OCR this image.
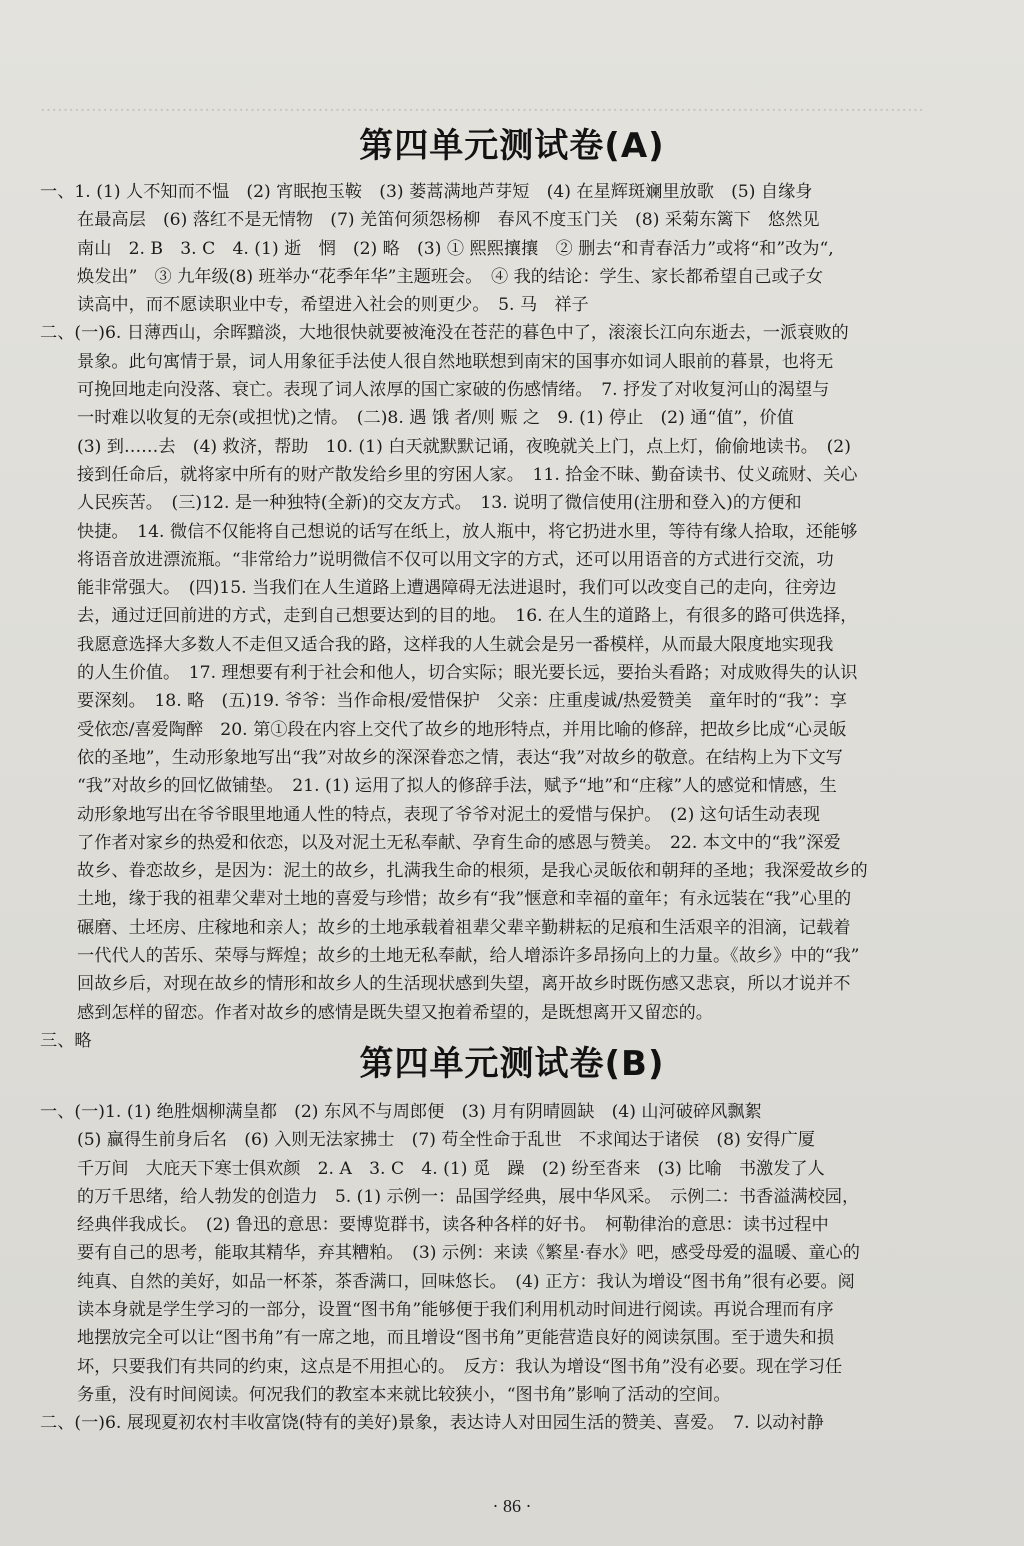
…………………………………………………………………………………………………………………………………………
第四单元测试卷(A)
一、1. (1) 人不知而不愠　(2) 宵眠抱玉鞍　(3) 蒌蒿满地芦芽短　(4) 在星辉斑斓里放歌　(5) 自缘身
在最高层　(6) 落红不是无情物　(7) 羌笛何须怨杨柳　春风不度玉门关　(8) 采菊东篱下　悠然见
南山　2. B　3. C　4. (1) 逝　惘　(2) 略　(3) ① 熙熙攘攘　② 删去“和青春活力”或将“和”改为“,
焕发出”　③ 九年级(8) 班举办“花季年华”主题班会。　④ 我的结论：学生、家长都希望自己或子女
读高中，而不愿读职业中专，希望进入社会的则更少。　5. 马　祥子
二、(一)6. 日薄西山，余晖黯淡，大地很快就要被淹没在苍茫的暮色中了，滚滚长江向东逝去，一派衰败的
景象。此句寓情于景，词人用象征手法使人很自然地联想到南宋的国事亦如词人眼前的暮景，也将无
可挽回地走向没落、衰亡。表现了词人浓厚的国亡家破的伤感情绪。　7. 抒发了对收复河山的渴望与
一时难以收复的无奈(或担忧)之情。　(二)8. 遇 饿 者/则 赈 之　9. (1) 停止　(2) 通“值”，价值
(3) 到……去　(4) 救济，帮助　10. (1) 白天就默默记诵，夜晚就关上门，点上灯，偷偷地读书。　(2)
接到任命后，就将家中所有的财产散发给乡里的穷困人家。　11. 拾金不昧、勤奋读书、仗义疏财、关心
人民疾苦。　(三)12. 是一种独特(全新)的交友方式。　13. 说明了微信使用(注册和登入)的方便和
快捷。　14. 微信不仅能将自己想说的话写在纸上，放人瓶中，将它扔进水里，等待有缘人拾取，还能够
将语音放进漂流瓶。“非常给力”说明微信不仅可以用文字的方式，还可以用语音的方式进行交流，功
能非常强大。　(四)15. 当我们在人生道路上遭遇障碍无法进退时，我们可以改变自己的走向，往旁边
去，通过迂回前进的方式，走到自己想要达到的目的地。　16. 在人生的道路上，有很多的路可供选择，
我愿意选择大多数人不走但又适合我的路，这样我的人生就会是另一番模样，从而最大限度地实现我
的人生价值。　17. 理想要有利于社会和他人，切合实际；眼光要长远，要抬头看路；对成败得失的认识
要深刻。　18. 略　(五)19. 爷爷：当作命根/爱惜保护　父亲：庄重虔诚/热爱赞美　童年时的“我”：享
受依恋/喜爱陶醉　20. 第①段在内容上交代了故乡的地形特点，并用比喻的修辞，把故乡比成“心灵皈
依的圣地”，生动形象地写出“我”对故乡的深深眷恋之情，表达“我”对故乡的敬意。在结构上为下文写
“我”对故乡的回忆做铺垫。　21. (1) 运用了拟人的修辞手法，赋予“地”和“庄稼”人的感觉和情感，生
动形象地写出在爷爷眼里地通人性的特点，表现了爷爷对泥土的爱惜与保护。　(2) 这句话生动表现
了作者对家乡的热爱和依恋，以及对泥土无私奉献、孕育生命的感恩与赞美。　22. 本文中的“我”深爱
故乡、眷恋故乡，是因为：泥土的故乡，扎满我生命的根须，是我心灵皈依和朝拜的圣地；我深爱故乡的
土地，缘于我的祖辈父辈对土地的喜爱与珍惜；故乡有“我”惬意和幸福的童年；有永远装在“我”心里的
碾磨、土坯房、庄稼地和亲人；故乡的土地承载着祖辈父辈辛勤耕耘的足痕和生活艰辛的泪滴，记载着
一代代人的苦乐、荣辱与辉煌；故乡的土地无私奉献，给人增添许多昂扬向上的力量。《故乡》中的“我”
回故乡后，对现在故乡的情形和故乡人的生活现状感到失望，离开故乡时既伤感又悲哀，所以才说并不
感到怎样的留恋。作者对故乡的感情是既失望又抱着希望的，是既想离开又留恋的。
三、略
第四单元测试卷(B)
一、(一)1. (1) 绝胜烟柳满皇都　(2) 东风不与周郎便　(3) 月有阴晴圆缺　(4) 山河破碎风飘絮
(5) 赢得生前身后名　(6) 入则无法家拂士　(7) 苟全性命于乱世　不求闻达于诸侯　(8) 安得广厦
千万间　大庇天下寒士俱欢颜　2. A　3. C　4. (1) 觅　躁　(2) 纷至沓来　(3) 比喻　书激发了人
的万千思绪，给人勃发的创造力　5. (1) 示例一：品国学经典，展中华风采。　示例二：书香溢满校园，
经典伴我成长。　(2) 鲁迅的意思：要博览群书，读各种各样的好书。　柯勒律治的意思：读书过程中
要有自己的思考，能取其精华，弃其糟粕。　(3) 示例：来读《繁星·春水》吧，感受母爱的温暖、童心的
纯真、自然的美好，如品一杯茶，茶香满口，回味悠长。　(4) 正方：我认为增设“图书角”很有必要。阅
读本身就是学生学习的一部分，设置“图书角”能够便于我们利用机动时间进行阅读。再说合理而有序
地摆放完全可以让“图书角”有一席之地，而且增设“图书角”更能营造良好的阅读氛围。至于遗失和损
坏，只要我们有共同的约束，这点是不用担心的。　反方：我认为增设“图书角”没有必要。现在学习任
务重，没有时间阅读。何况我们的教室本来就比较狭小，“图书角”影响了活动的空间。
二、(一)6. 展现夏初农村丰收富饶(特有的美好)景象，表达诗人对田园生活的赞美、喜爱。　7. 以动衬静
· 86 ·
